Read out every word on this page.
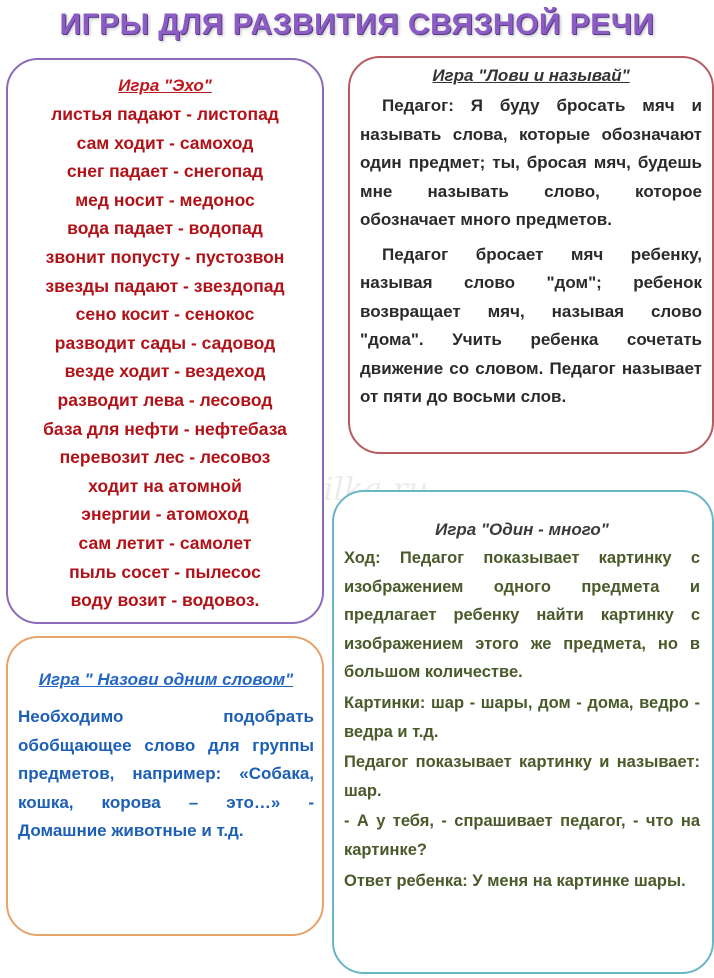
ИГРЫ ДЛЯ РАЗВИТИЯ СВЯЗНОЙ РЕЧИ
Игра "Эхо"
листья падают - листопад
сам ходит - самоход
снег падает - снегопад
мед носит - медонос
вода падает - водопад
звонит попусту - пустозвон
звезды падают - звездопад
сено косит - сенокос
разводит сады - садовод
везде ходит - вездеход
разводит лева - лесовод
база для нефти - нефтебаза
перевозит лес - лесовоз
ходит на атомной
энергии - атомоход
сам летит - самолет
пыль сосет - пылесос
воду возит - водовоз.
Игра "Лови и называй"

Педагог: Я буду бросать мяч и называть слова, которые обозначают один предмет; ты, бросая мяч, будешь мне называть слово, которое обозначает много предметов.

Педагог бросает мяч ребенку, называя слово "дом"; ребенок возвращает мяч, называя слово "дома". Учить ребенка сочетать движение со словом. Педагог называет от пяти до восьми слов.

Игра "Один - много"

Ход: Педагог показывает картинку с изображением одного предмета и предлагает ребенку найти картинку с изображением этого же предмета, но в большом количестве.

Картинки: шар - шары, дом - дома, ведро - ведра и т.д.

Педагог показывает картинку и называет: шар.

- А у тебя, - спрашивает педагог, - что на картинке?

Ответ ребенка: У меня на картинке шары.

Игра " Назови одним словом"

Необходимо подобрать обобщающее слово для группы предметов, например: «Собака, кошка, корова – это…» - Домашние животные и т.д.
